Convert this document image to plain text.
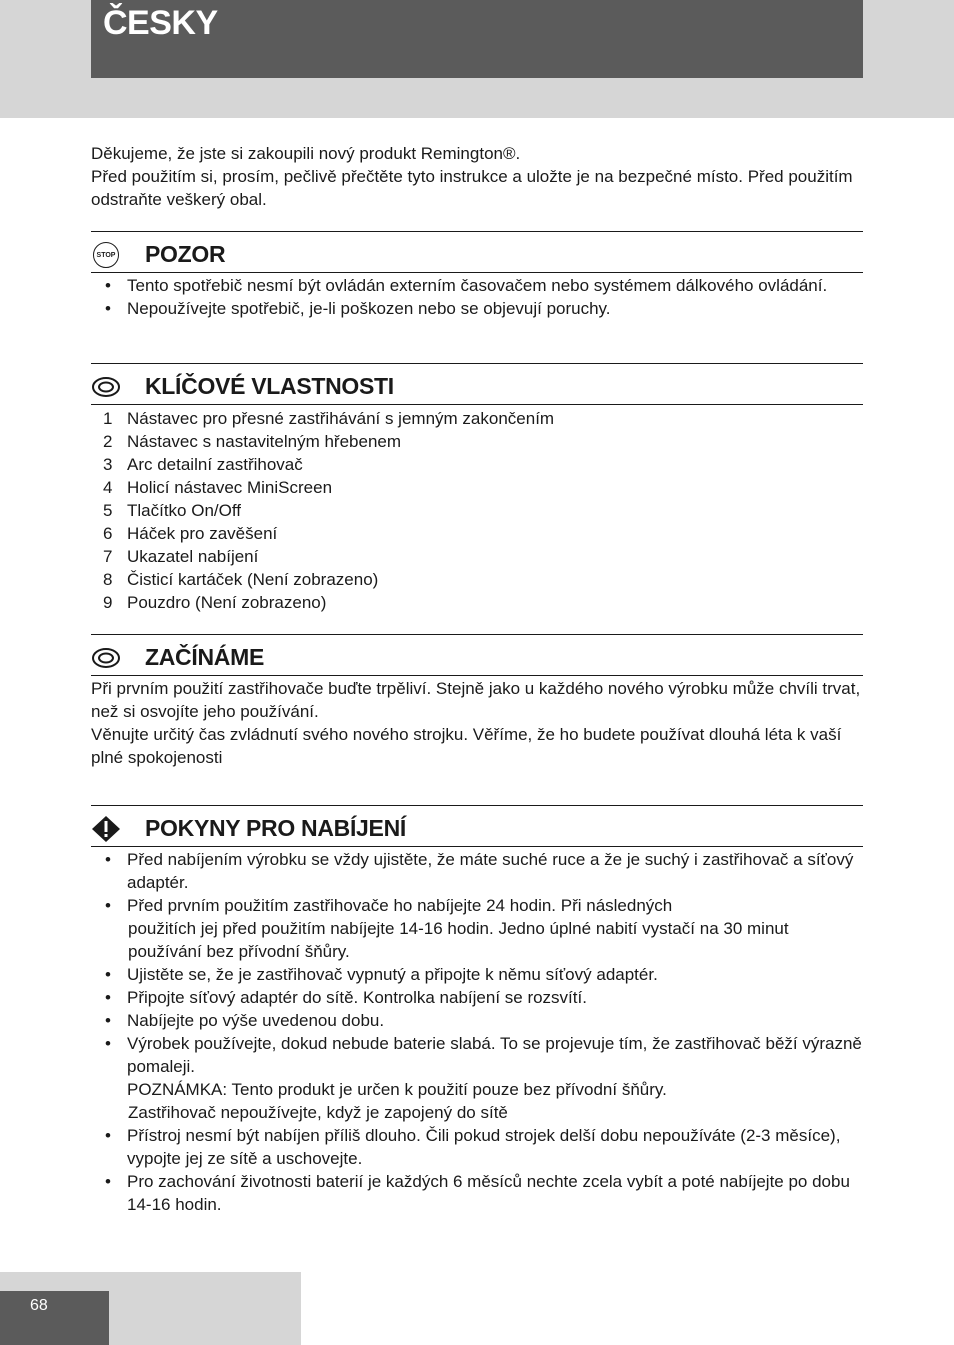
ČESKY

Děkujeme, že jste si zakoupili nový produkt Remington®.

Před použitím si, prosím, pečlivě přečtěte tyto instrukce a uložte je na bezpečné místo. Před použitím odstraňte veškerý obal.

STOP POZOR
• Tento spotřebič nesmí být ovládán externím časovačem nebo systémem dálkového ovládání.
• Nepoužívejte spotřebič, je-li poškozen nebo se objevují poruchy.
KLÍČOVÉ VLASTNOSTI
1 Nástavec pro přesné zastřihávání s jemným zakončením
2 Nástavec s nastavitelným hřebenem
3 Arc detailní zastřihovač
4 Holicí nástavec MiniScreen
5 Tlačítko On/Off
6 Háček pro zavěšení
7 Ukazatel nabíjení
8 Čisticí kartáček (Není zobrazeno)
9 Pouzdro (Není zobrazeno)
ZAČÍNÁME

Při prvním použití zastřihovače buďte trpěliví. Stejně jako u každého nového výrobku může chvíli trvat, než si osvojíte jeho používání.

Věnujte určitý čas zvládnutí svého nového strojku. Věříme, že ho budete používat dlouhá léta k vaší plné spokojenosti

POKYNY PRO NABÍJENÍ
• Před nabíjením výrobku se vždy ujistěte, že máte suché ruce a že je suchý i zastřihovač a síťový adaptér.
• Před prvním použitím zastřihovače ho nabíjejte 24 hodin. Při následných
použitích jej před použitím nabíjejte 14-16 hodin. Jedno úplné nabití vystačí na 30 minut používání bez přívodní šňůry.
• Ujistěte se, že je zastřihovač vypnutý a připojte k němu síťový adaptér.
• Připojte síťový adaptér do sítě. Kontrolka nabíjení se rozsvítí.
• Nabíjejte po výše uvedenou dobu.
• Výrobek používejte, dokud nebude baterie slabá. To se projevuje tím, že zastřihovač běží výrazně pomaleji.
POZNÁMKA: Tento produkt je určen k použití pouze bez přívodní šňůry.
Zastřihovač nepoužívejte, když je zapojený do sítě
• Přístroj nesmí být nabíjen příliš dlouho. Čili pokud strojek delší dobu nepoužíváte (2-3 měsíce), vypojte jej ze sítě a uschovejte.
• Pro zachování životnosti baterií je každých 6 měsíců nechte zcela vybít a poté nabíjejte po dobu 14-16 hodin.
68
